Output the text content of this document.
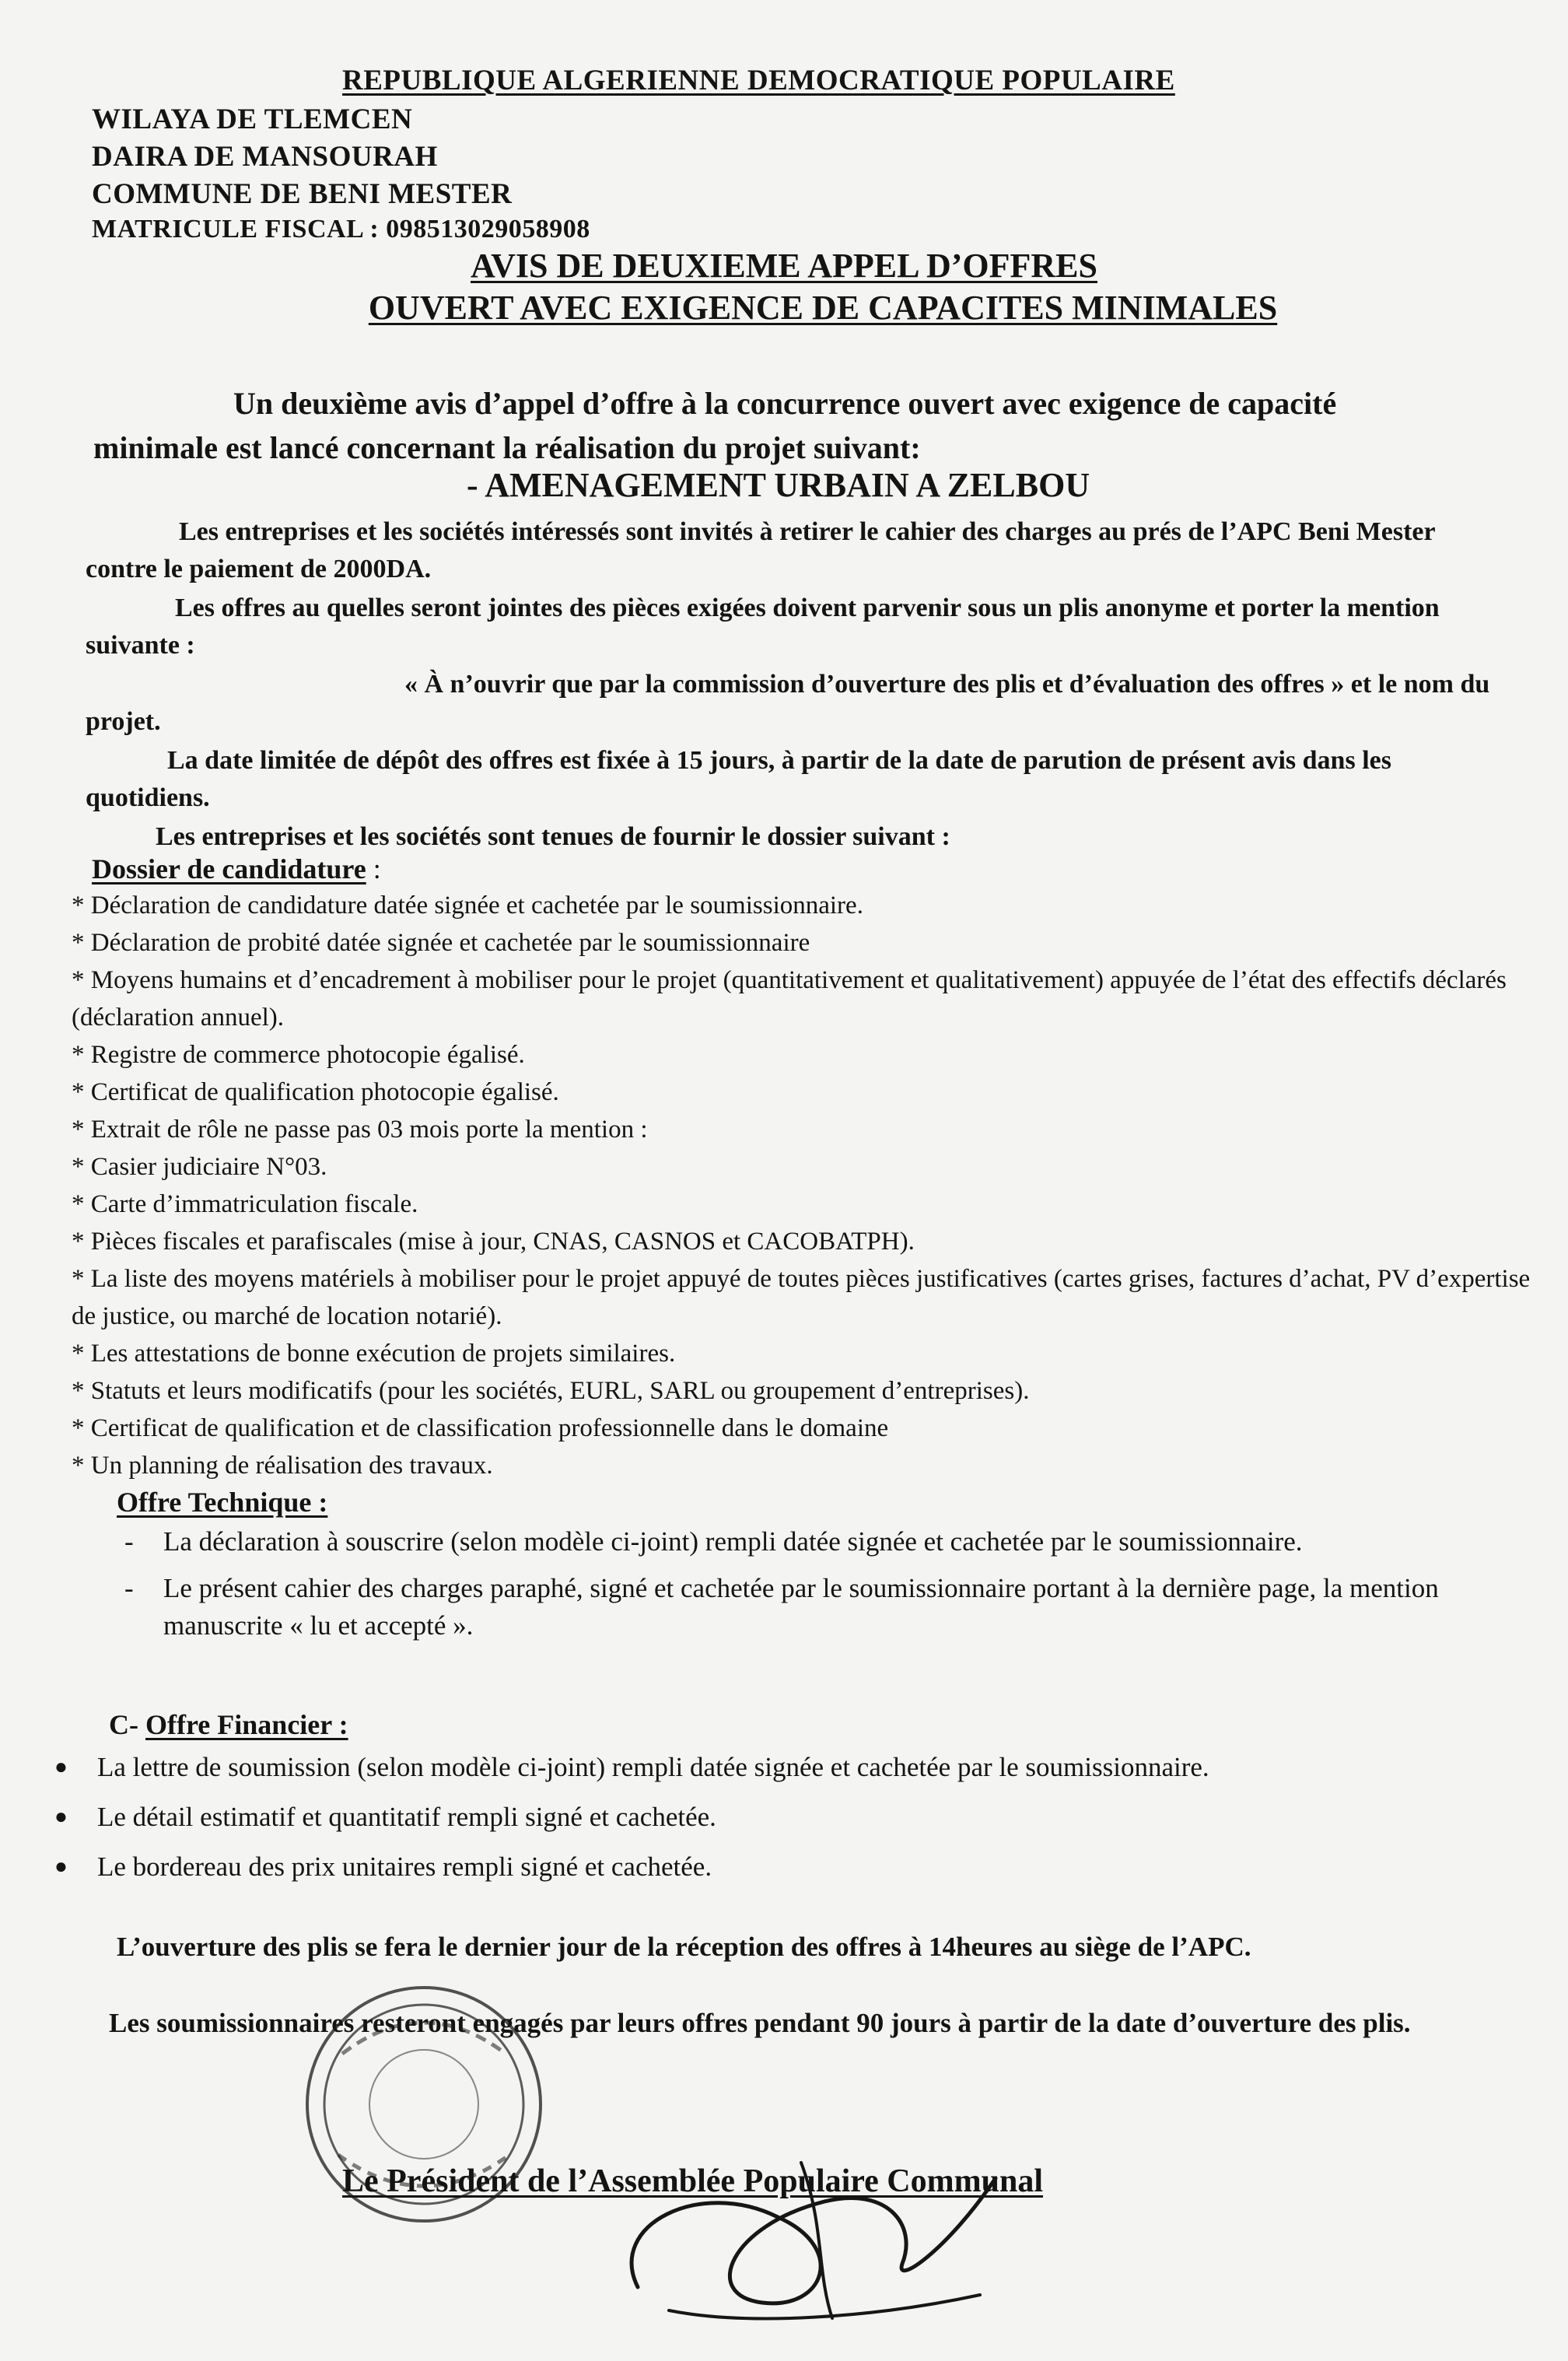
REPUBLIQUE ALGERIENNE DEMOCRATIQUE POPULAIRE
WILAYA DE TLEMCEN
DAIRA DE MANSOURAH
COMMUNE DE BENI MESTER
MATRICULE FISCAL : 098513029058908
AVIS DE DEUXIEME APPEL D’OFFRES
OUVERT AVEC EXIGENCE DE CAPACITES MINIMALES
Un deuxième avis d’appel d’offre à la concurrence ouvert avec exigence de capacité minimale est lancé concernant la réalisation du projet suivant:
- AMENAGEMENT URBAIN A ZELBOU
Les entreprises et les sociétés intéressés sont invités à retirer le cahier des charges au prés de l’APC Beni Mester contre le paiement de 2000DA.
Les offres au quelles seront jointes des pièces exigées doivent parvenir sous un plis anonyme et porter la mention suivante :
« À n’ouvrir que par la commission d’ouverture des plis et d’évaluation des offres » et le nom du projet.
La date limitée de dépôt des offres est fixée à 15 jours, à partir de la date de parution de présent avis dans les quotidiens.
Les entreprises et les sociétés sont tenues de fournir le dossier suivant :
Dossier de candidature :
* Déclaration de candidature datée signée et cachetée par le soumissionnaire.
* Déclaration de probité datée signée et cachetée par le soumissionnaire
* Moyens humains et d’encadrement à mobiliser pour le projet (quantitativement et qualitativement) appuyée de l’état des effectifs déclarés (déclaration annuel).
* Registre de commerce photocopie égalisé.
* Certificat de qualification photocopie égalisé.
* Extrait de rôle ne passe pas 03 mois porte la mention :
* Casier judiciaire N°03.
* Carte d’immatriculation fiscale.
* Pièces fiscales et parafiscales (mise à jour, CNAS, CASNOS et CACOBATPH).
* La liste des moyens matériels à mobiliser pour le projet appuyé de toutes pièces justificatives (cartes grises, factures d’achat, PV d’expertise de justice, ou marché de location notarié).
* Les attestations de bonne exécution de projets similaires.
* Statuts et leurs modificatifs (pour les sociétés, EURL, SARL ou groupement d’entreprises).
* Certificat de qualification et de classification professionnelle dans le domaine
* Un planning de réalisation des travaux.
Offre Technique :
-	La déclaration à souscrire (selon modèle ci-joint) rempli datée signée et cachetée par le soumissionnaire.
-	Le présent cahier des charges paraphé, signé et cachetée par le soumissionnaire portant à la dernière page, la mention manuscrite « lu et accepté ».
C- Offre Financier :
●	La lettre de soumission (selon modèle ci-joint) rempli datée signée et cachetée par le soumissionnaire.
●	Le détail estimatif et quantitatif rempli signé et cachetée.
●	Le bordereau des prix unitaires rempli signé et cachetée.
L’ouverture des plis se fera le dernier jour de la réception des offres à 14heures au siège de l’APC.
Les soumissionnaires resteront engagés par leurs offres pendant 90 jours à partir de la date d’ouverture des plis.
Le Président de l’Assemblée Populaire Communal
